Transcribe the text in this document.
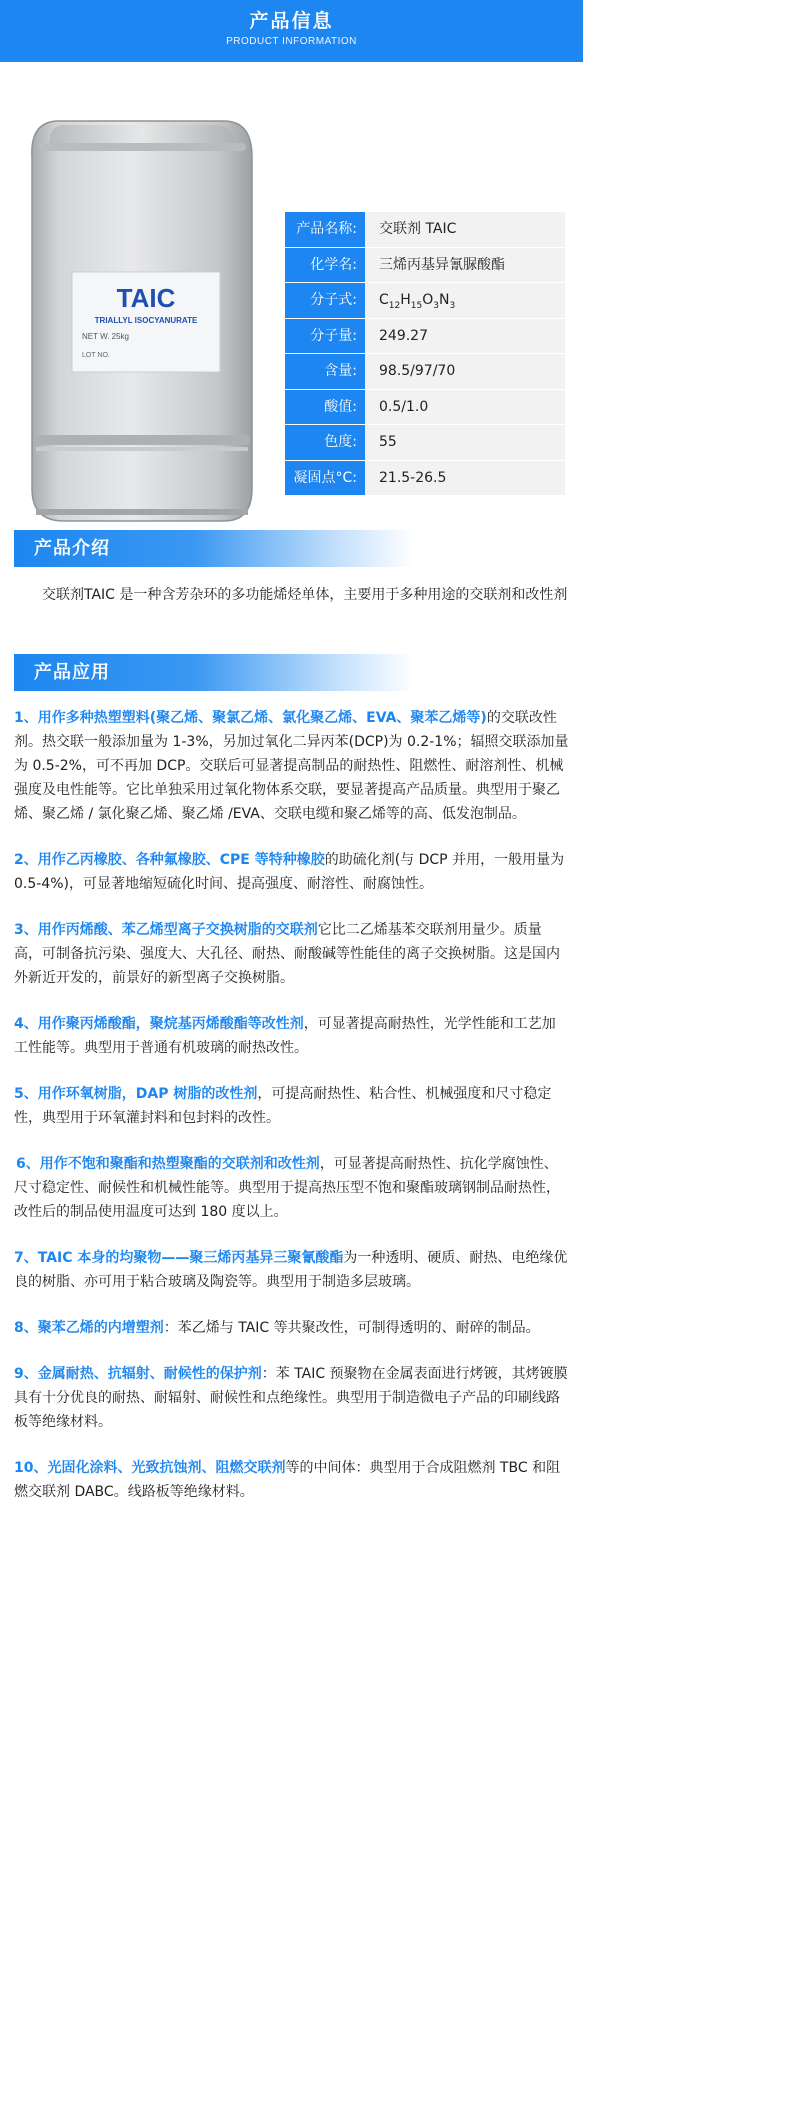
产品信息
PRODUCT INFORMATION
TAIC
TRIALLYL ISOCYANURATE
NET W. 25kg
LOT NO.
产品名称:	交联剂 TAIC
化学名:	三烯丙基异氰脲酸酯
分子式:	$C_{12}H_{15}O_3N_3$
分子量:	249.27
含量:	98.5/97/70
酸值:	0.5/1.0
色度:	55
凝固点°C:	21.5-26.5
产品介绍
交联剂TAIC 是一种含芳杂环的多功能烯烃单体，主要用于多种用途的交联剂和改性剂
产品应用

1、用作多种热塑塑料(聚乙烯、聚氯乙烯、氯化聚乙烯、EVA、聚苯乙烯等)的交联改性剂。热交联一般添加量为 1-3%，另加过氧化二异丙苯(DCP)为 0.2-1%；辐照交联添加量为 0.5-2%，可不再加 DCP。交联后可显著提高制品的耐热性、阻燃性、耐溶剂性、机械强度及电性能等。它比单独采用过氧化物体系交联，要显著提高产品质量。典型用于聚乙烯、聚乙烯 / 氯化聚乙烯、聚乙烯 /EVA、交联电缆和聚乙烯等的高、低发泡制品。

2、用作乙丙橡胶、各种氟橡胶、CPE 等特种橡胶的助硫化剂(与 DCP 并用，一般用量为 0.5-4%)，可显著地缩短硫化时间、提高强度、耐溶性、耐腐蚀性。

3、用作丙烯酸、苯乙烯型离子交换树脂的交联剂它比二乙烯基苯交联剂用量少。质量高，可制备抗污染、强度大、大孔径、耐热、耐酸碱等性能佳的离子交换树脂。这是国内外新近开发的，前景好的新型离子交换树脂。

4、用作聚丙烯酸酯，聚烷基丙烯酸酯等改性剂，可显著提高耐热性，光学性能和工艺加工性能等。典型用于普通有机玻璃的耐热改性。

5、用作环氧树脂，DAP 树脂的改性剂，可提高耐热性、粘合性、机械强度和尺寸稳定性，典型用于环氧灌封料和包封料的改性。

6、用作不饱和聚酯和热塑聚酯的交联剂和改性剂，可显著提高耐热性、抗化学腐蚀性、尺寸稳定性、耐候性和机械性能等。典型用于提高热压型不饱和聚酯玻璃钢制品耐热性，改性后的制品使用温度可达到 180 度以上。

7、TAIC 本身的均聚物——聚三烯丙基异三聚氰酸酯为一种透明、硬质、耐热、电绝缘优良的树脂、亦可用于粘合玻璃及陶瓷等。典型用于制造多层玻璃。

8、聚苯乙烯的内增塑剂：苯乙烯与 TAIC 等共聚改性，可制得透明的、耐碎的制品。

9、金属耐热、抗辐射、耐候性的保护剂：苯 TAIC 预聚物在金属表面进行烤镀，其烤镀膜具有十分优良的耐热、耐辐射、耐候性和点绝缘性。典型用于制造微电子产品的印刷线路板等绝缘材料。

10、光固化涂料、光致抗蚀剂、阻燃交联剂等的中间体：典型用于合成阻燃剂 TBC 和阻燃交联剂 DABC。线路板等绝缘材料。
